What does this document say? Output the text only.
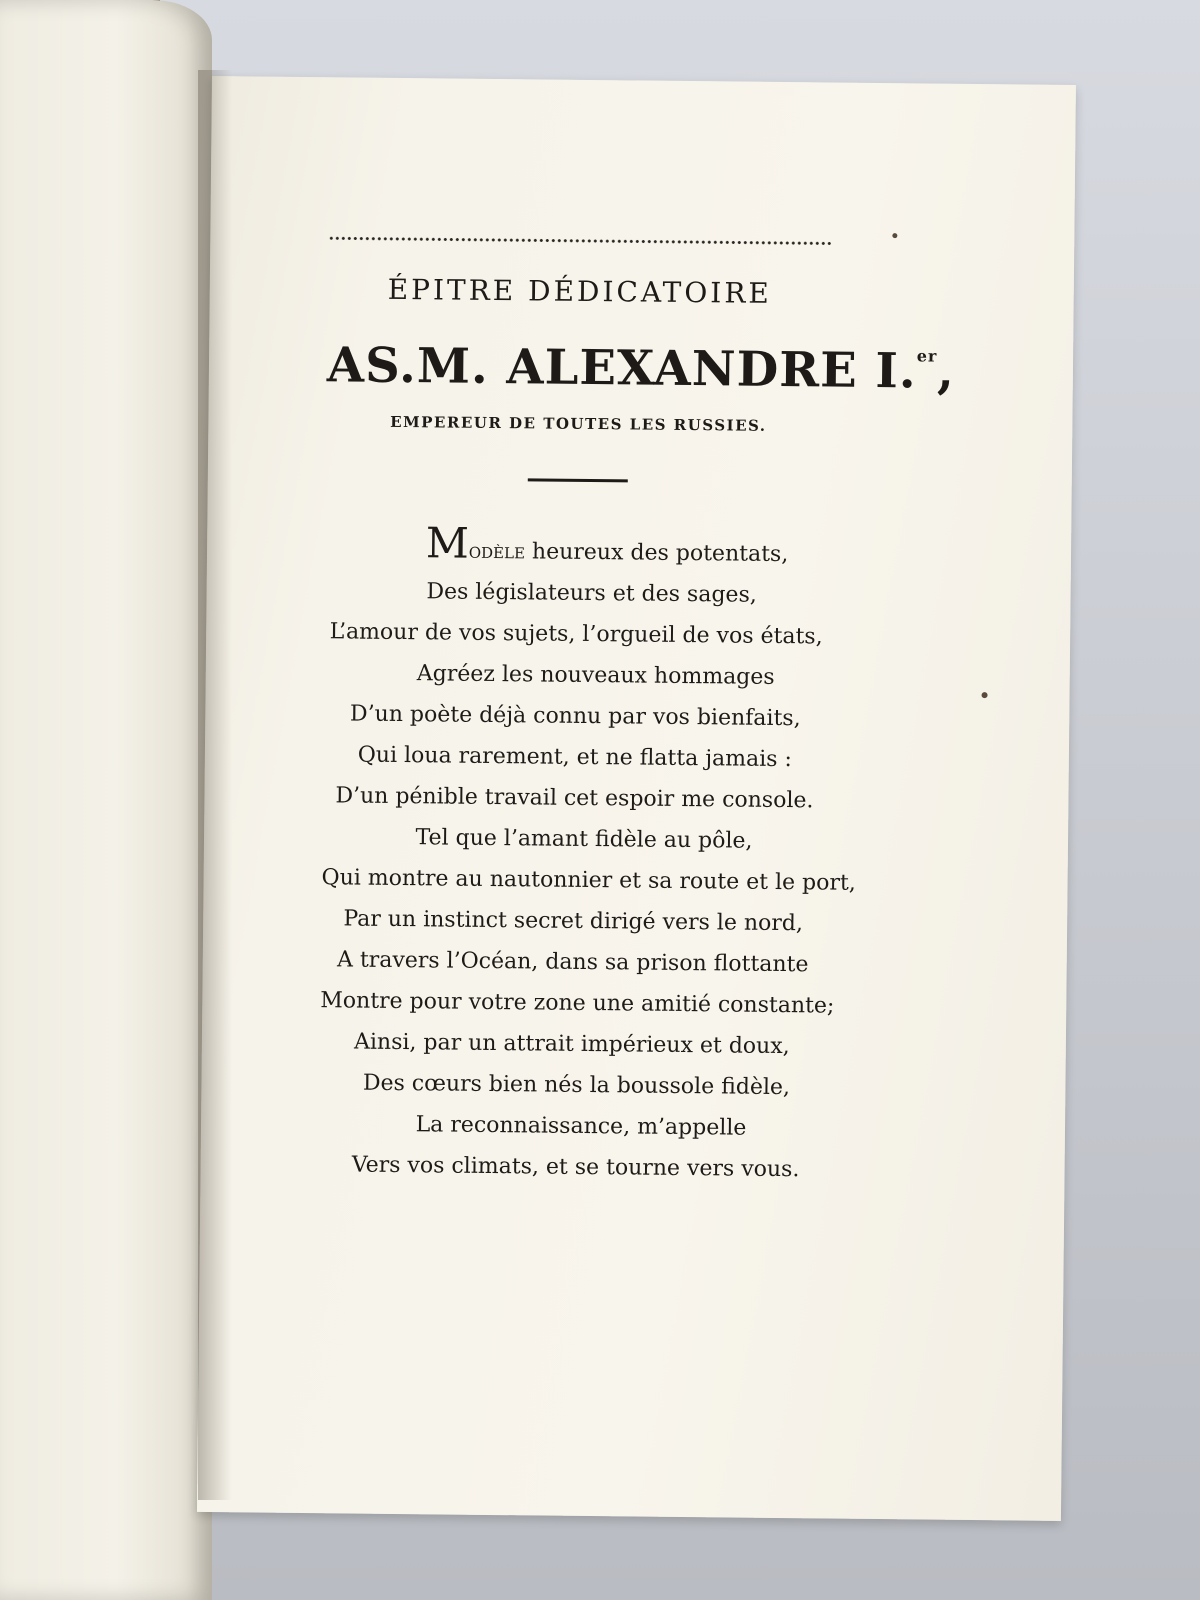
ÉPITRE DÉDICATOIRE
AS.M. ALEXANDRE I.$^{er}$,
EMPEREUR DE TOUTES LES RUSSIES.
Modèle heureux des potentats,
Des législateurs et des sages,
L’amour de vos sujets, l’orgueil de vos états,
Agréez les nouveaux hommages
D’un poète déjà connu par vos bienfaits,
Qui loua rarement, et ne flatta jamais :
D’un pénible travail cet espoir me console.
Tel que l’amant fidèle au pôle,
Qui montre au nautonnier et sa route et le port,
Par un instinct secret dirigé vers le nord,
A travers l’Océan, dans sa prison flottante
Montre pour votre zone une amitié constante;
Ainsi, par un attrait impérieux et doux,
Des cœurs bien nés la boussole fidèle,
La reconnaissance, m’appelle
Vers vos climats, et se tourne vers vous.
